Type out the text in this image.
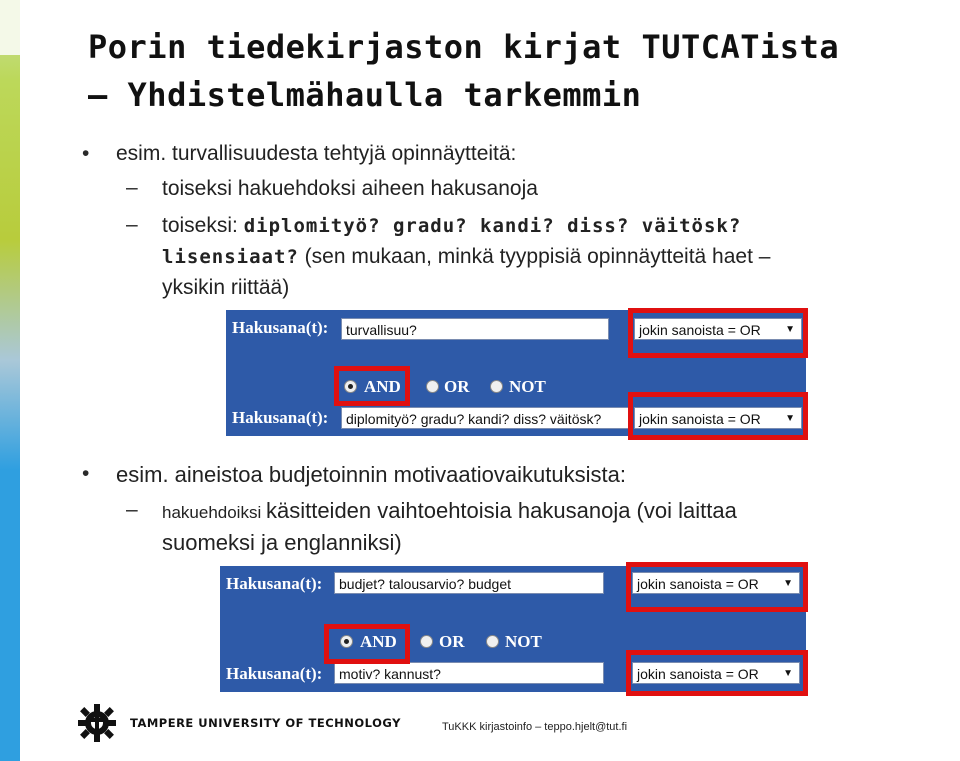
Porin tiedekirjaston kirjat TUTCATista
– Yhdistelmähaulla tarkemmin
• esim. turvallisuudesta tehtyjä opinnäytteitä:
– toiseksi hakuehdoksi aiheen hakusanoja
– toiseksi: diplomityö? gradu? kandi? diss? väitösk?
lisensiaat? (sen mukaan, minkä tyyppisiä opinnäytteitä haet –
yksikin riittää)
Hakusana(t):	turvallisuu?	jokin sanoista = OR ▼
AND	OR NOT
Hakusana(t):	diplomityö? gradu? kandi? diss? väitösk?	jokin sanoista = OR ▼
• esim. aineistoa budjetoinnin motivaatiovaikutuksista:
– hakuehdoiksi käsitteiden vaihtoehtoisia hakusanoja (voi laittaa
suomeksi ja englanniksi)
Hakusana(t):	budjet? talousarvio? budget	jokin sanoista = OR ▼
AND OR NOT
Hakusana(t):	motiv? kannust?	jokin sanoista = OR ▼
TAMPERE UNIVERSITY OF TECHNOLOGY	TuKKK kirjastoinfo – teppo.hjelt@tut.fi
